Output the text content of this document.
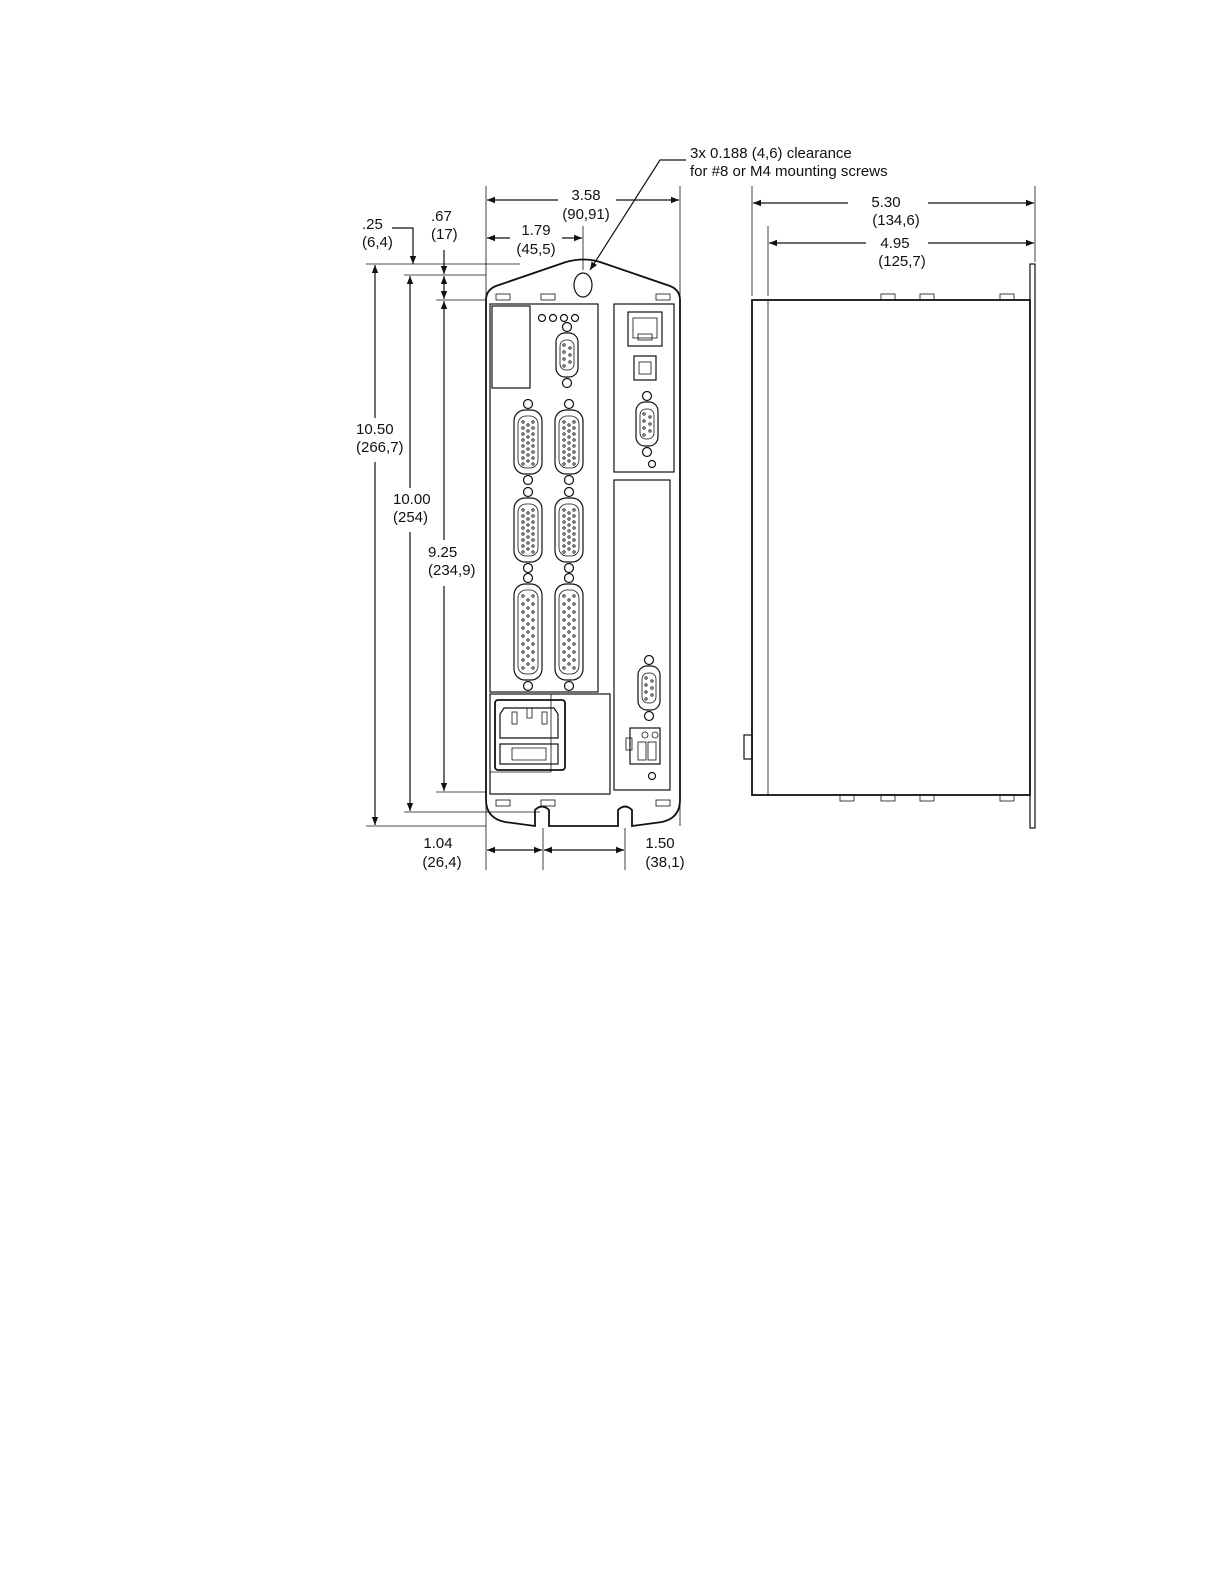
3x 0.188 (4,6) clearance
for #8 or M4 mounting screws
3.58
(90,91)
1.79
(45,5)
.25
(6,4)
.67
(17)
10.50
(266,7)
10.00
(254)
9.25
(234,9)
1.04
(26,4)
1.50
(38,1)
5.30
(134,6)
4.95
(125,7)
